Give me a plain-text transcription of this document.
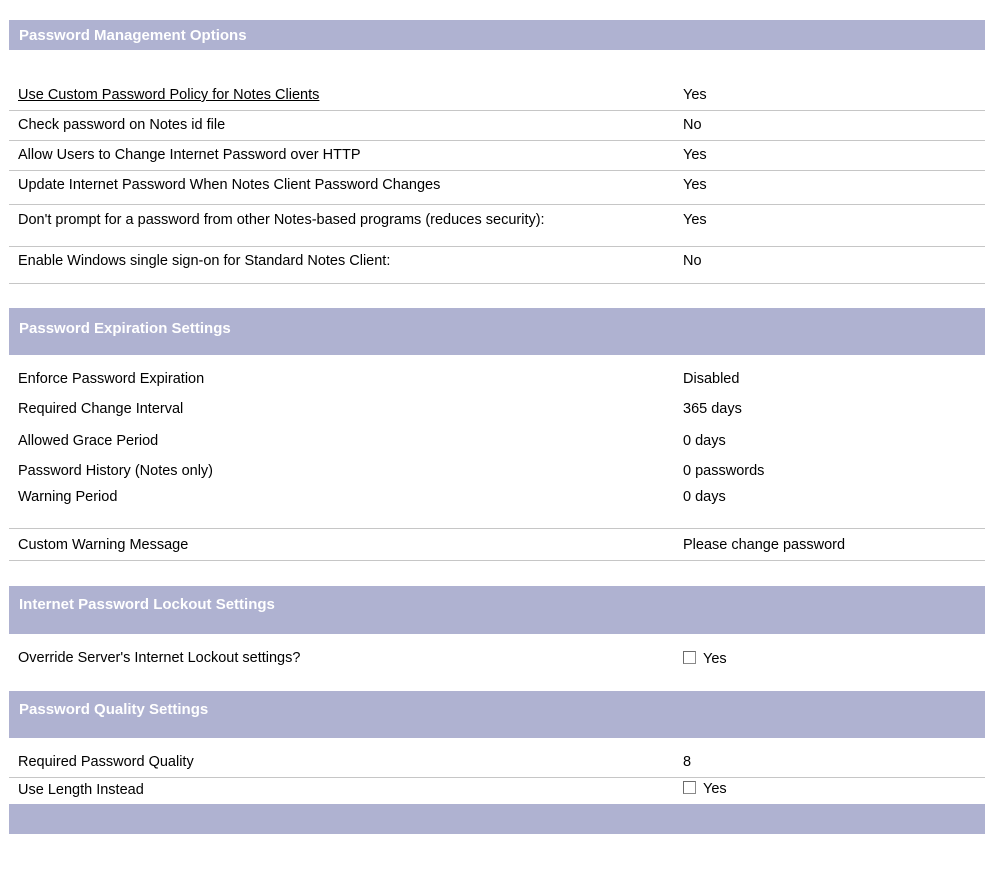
Password Management Options
Use Custom Password Policy for Notes Clients	Yes
Check password on Notes id file	No
Allow Users to Change Internet Password over HTTP	Yes
Update Internet Password When Notes Client Password Changes	Yes
Don't prompt for a password from other Notes-based programs (reduces security):	Yes
Enable Windows single sign-on for Standard Notes Client:	No
Password Expiration Settings
Enforce Password Expiration	Disabled
Required Change Interval	365 days
Allowed Grace Period	0 days
Password History (Notes only)	0 passwords
Warning Period	0 days
Custom Warning Message	Please change password
Internet Password Lockout Settings
Override Server's Internet Lockout settings?	Yes
Password Quality Settings
Required Password Quality	8
Use Length Instead	Yes
